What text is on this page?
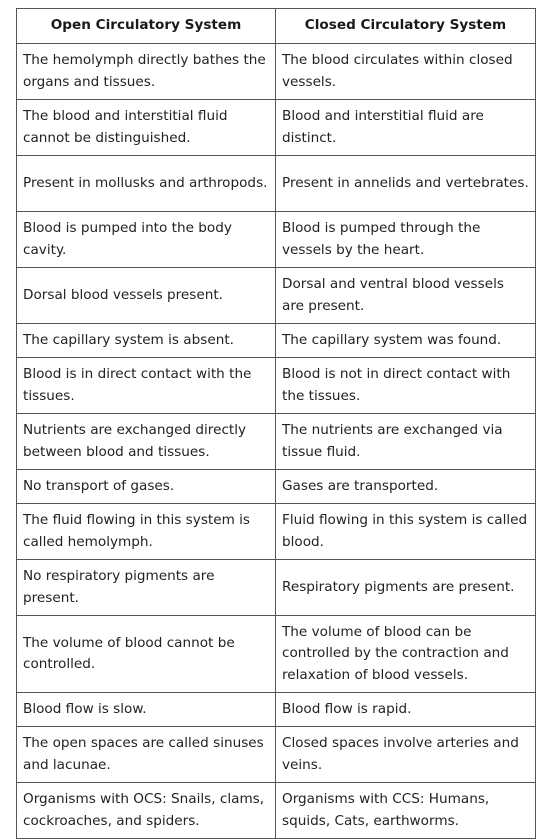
Open Circulatory System	Closed Circulatory System
The hemolymph directly bathes the organs and tissues.	The blood circulates within closed vessels.
The blood and interstitial fluid cannot be distinguished.	Blood and interstitial fluid are distinct.
Present in mollusks and arthropods.	Present in annelids and vertebrates.
Blood is pumped into the body cavity.	Blood is pumped through the vessels by the heart.
Dorsal blood vessels present.	Dorsal and ventral blood vessels are present.
The capillary system is absent.	The capillary system was found.
Blood is in direct contact with the tissues.	Blood is not in direct contact with the tissues.
Nutrients are exchanged directly between blood and tissues.	The nutrients are exchanged via tissue fluid.
No transport of gases.	Gases are transported.
The fluid flowing in this system is called hemolymph.	Fluid flowing in this system is called blood.
No respiratory pigments are present.	Respiratory pigments are present.
The volume of blood cannot be controlled.	The volume of blood can be controlled by the contraction and relaxation of blood vessels.
Blood flow is slow.	Blood flow is rapid.
The open spaces are called sinuses and lacunae.	Closed spaces involve arteries and veins.
Organisms with OCS: Snails, clams, cockroaches, and spiders.	Organisms with CCS: Humans, squids, Cats, earthworms.
